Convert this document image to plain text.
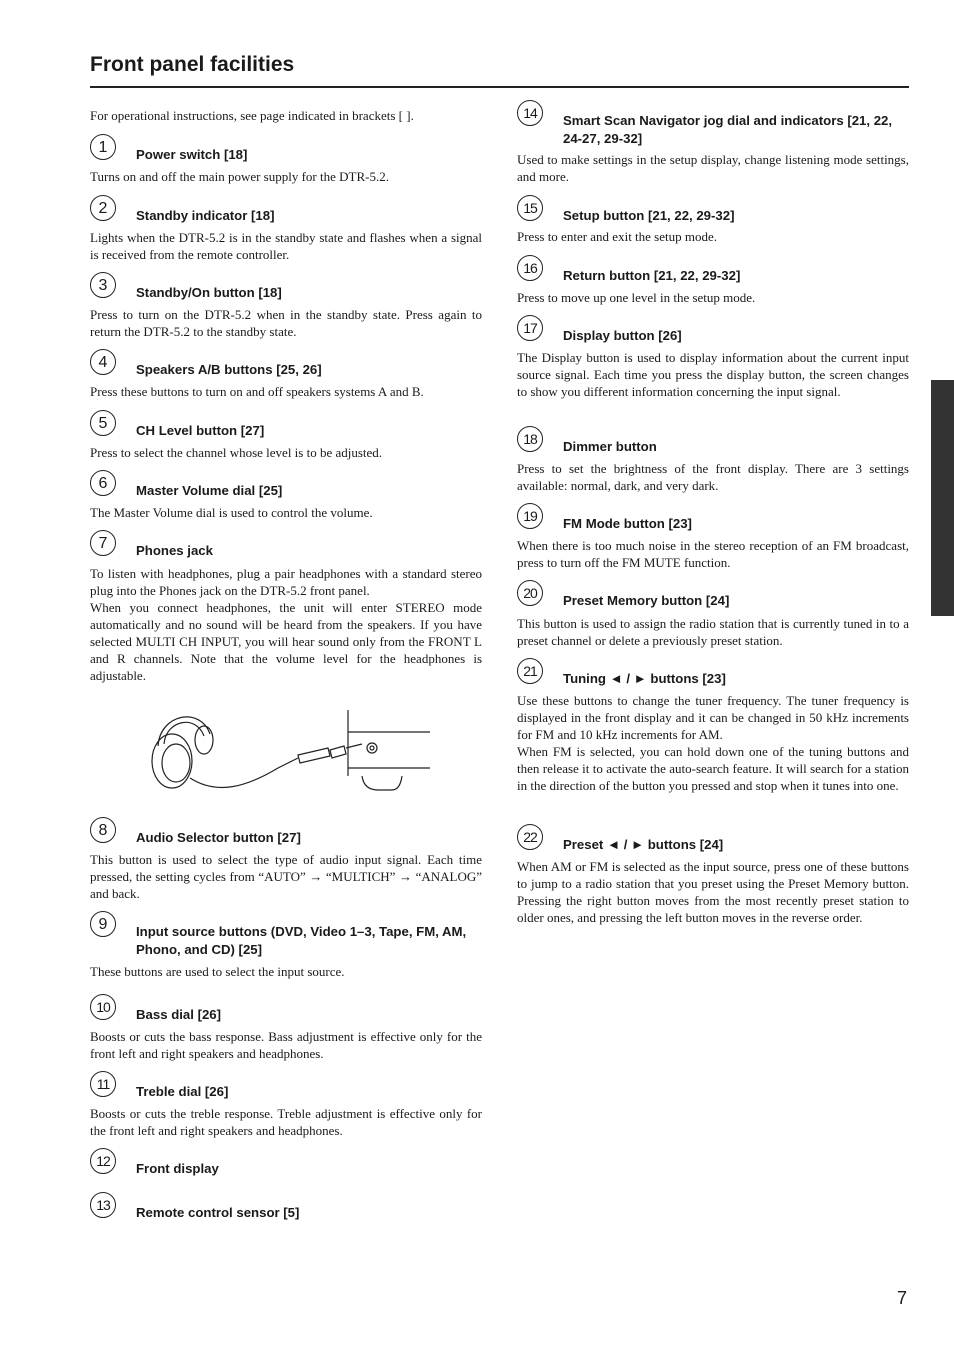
Front panel facilities
For operational instructions, see page indicated in brackets [ ].
1	Power switch [18]
Turns on and off the main power supply for the DTR-5.2.
2	Standby indicator [18]
Lights when the DTR-5.2 is in the standby state and flashes when a signal is received from the remote controller.
3	Standby/On button [18]
Press to turn on the DTR-5.2 when in the standby state. Press again to return the DTR-5.2 to the standby state.
4	Speakers A/B buttons [25, 26]
Press these buttons to turn on and off speakers systems A and B.
5	CH Level button [27]
Press to select the channel whose level is to be adjusted.
6	Master Volume dial [25]
The Master Volume dial is used to control the volume.
7	Phones jack
To listen with headphones, plug a pair headphones with a standard stereo plug into the Phones jack on the DTR-5.2 front panel.
When you connect headphones, the unit will enter STEREO mode automatically and no sound will be heard from the speakers. If you have selected MULTI CH INPUT, you will hear sound only from the FRONT L and R channels. Note that the volume level for the headphones is adjustable.
8	Audio Selector button [27]
This button is used to select the type of audio input signal. Each time pressed, the setting cycles from “AUTO” → “MULTICH” → “ANALOG” and back.
9	Input source buttons (DVD, Video 1–3, Tape, FM, AM, Phono, and CD) [25]
These buttons are used to select the input source.
10	Bass dial [26]
Boosts or cuts the bass response. Bass adjustment is effective only for the front left and right speakers and headphones.
11	Treble dial [26]
Boosts or cuts the treble response. Treble adjustment is effective only for the front left and right speakers and headphones.
12	Front display
13	Remote control sensor [5]
14	Smart Scan Navigator jog dial and indicators [21, 22, 24-27, 29-32]
Used to make settings in the setup display, change listening mode settings, and more.
15	Setup button [21, 22, 29-32]
Press to enter and exit the setup mode.
16	Return button [21, 22, 29-32]
Press to move up one level in the setup mode.
17	Display button [26]
The Display button is used to display information about the current input source signal. Each time you press the display button, the screen changes to show you different information concerning the input signal.
18	Dimmer button
Press to set the brightness of the front display. There are 3 settings available: normal, dark, and very dark.
19	FM Mode button [23]
When there is too much noise in the stereo reception of an FM broadcast, press to turn off the FM MUTE function.
20	Preset Memory button [24]
This button is used to assign the radio station that is currently tuned in to a preset channel or delete a previously preset station.
21	Tuning ◄ / ► buttons [23]
Use these buttons to change the tuner frequency. The tuner frequency is displayed in the front display and it can be changed in 50 kHz increments for FM and 10 kHz increments for AM.
When FM is selected, you can hold down one of the tuning buttons and then release it to activate the auto-search feature. It will search for a station in the direction of the button you pressed and stop when it tunes into one.
22	Preset ◄ / ► buttons [24]
When AM or FM is selected as the input source, press one of these buttons to jump to a radio station that you preset using the Preset Memory button. Pressing the right button moves from the most recently preset station to older ones, and pressing the left button moves in the reverse order.
7
